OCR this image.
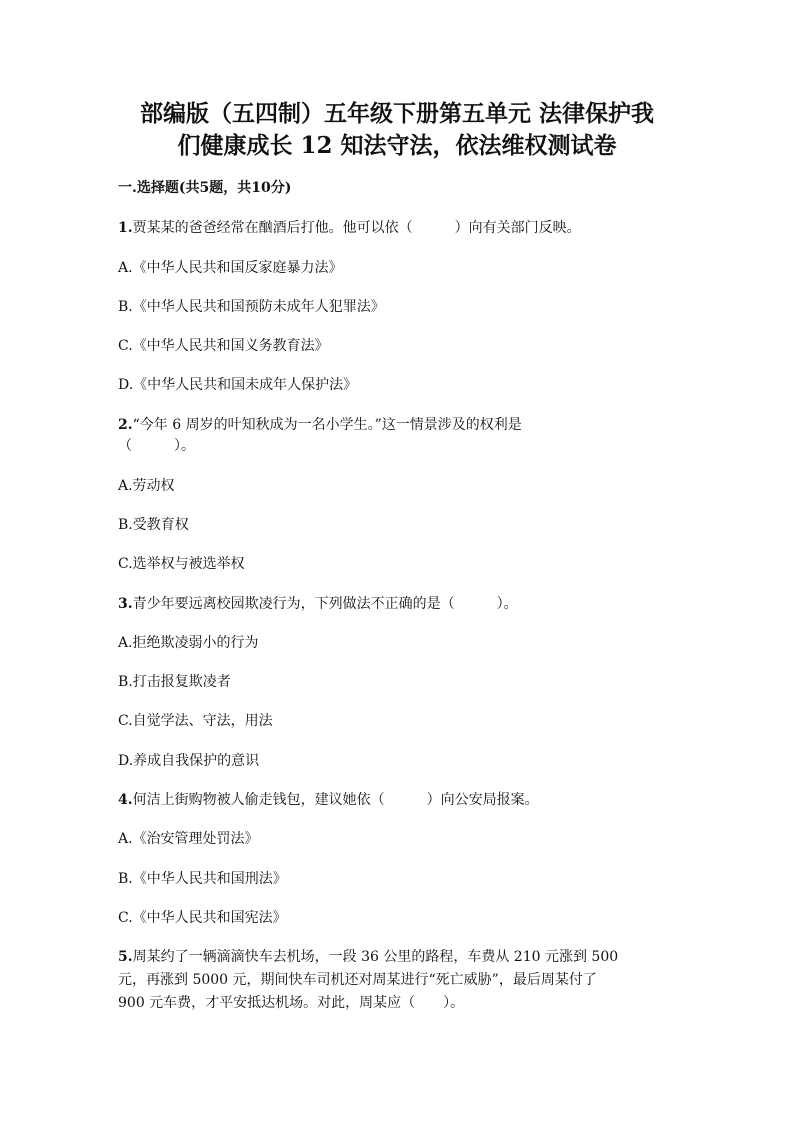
部编版（五四制）五年级下册第五单元 法律保护我
们健康成长 12 知法守法，依法维权测试卷
一.选择题(共5题，共10分)
1.贾某某的爸爸经常在酗酒后打他。他可以依（　　　）向有关部门反映。
A.《中华人民共和国反家庭暴力法》
B.《中华人民共和国预防未成年人犯罪法》
C.《中华人民共和国义务教育法》
D.《中华人民共和国未成年人保护法》
2.“今年 6 周岁的叶知秋成为一名小学生。”这一情景涉及的权利是
（　　　）。
A.劳动权
B.受教育权
C.选举权与被选举权
3.青少年要远离校园欺凌行为，下列做法不正确的是（　　　）。
A.拒绝欺凌弱小的行为
B.打击报复欺凌者
C.自觉学法、守法，用法
D.养成自我保护的意识
4.何洁上街购物被人偷走钱包，建议她依（　　　）向公安局报案。
A.《治安管理处罚法》
B.《中华人民共和国刑法》
C.《中华人民共和国宪法》
5.周某约了一辆滴滴快车去机场，一段 36 公里的路程，车费从 210 元涨到 500
元，再涨到 5000 元，期间快车司机还对周某进行“死亡威胁”，最后周某付了
900 元车费，才平安抵达机场。对此，周某应（　　）。
